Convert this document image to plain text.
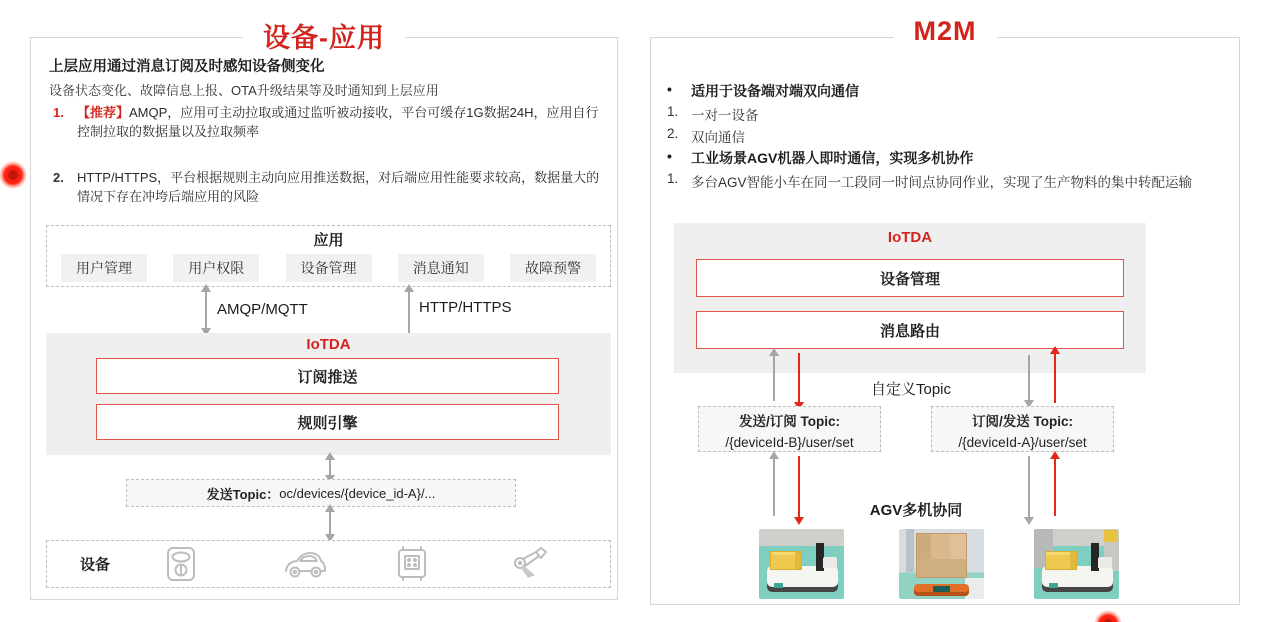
设备-应用
上层应用通过消息订阅及时感知设备侧变化
设备状态变化、故障信息上报、OTA升级结果等及时通知到上层应用
1. 【推荐】AMQP，应用可主动拉取或通过监听被动接收，平台可缓存1G数据24H，应用自行控制拉取的数据量以及拉取频率
2. HTTP/HTTPS，平台根据规则主动向应用推送数据，对后端应用性能要求较高，数据量大的情况下存在冲垮后端应用的风险
应用
用户管理	用户权限	设备管理	消息通知	故障预警
AMQP/MQTT	HTTP/HTTPS
IoTDA
订阅推送
规则引擎
发送Topic： oc/devices/{device_id-A}/...
设备
M2M
• 适用于设备端对端双向通信
1. 一对一设备
2. 双向通信
• 工业场景AGV机器人即时通信，实现多机协作
1. 多台AGV智能小车在同一工段同一时间点协同作业，实现了生产物料的集中转配运输
IoTDA
设备管理
消息路由
自定义Topic
发送/订阅 Topic:
/{deviceId-B}/user/set
订阅/发送 Topic:
/{deviceId-A}/user/set
AGV多机协同
